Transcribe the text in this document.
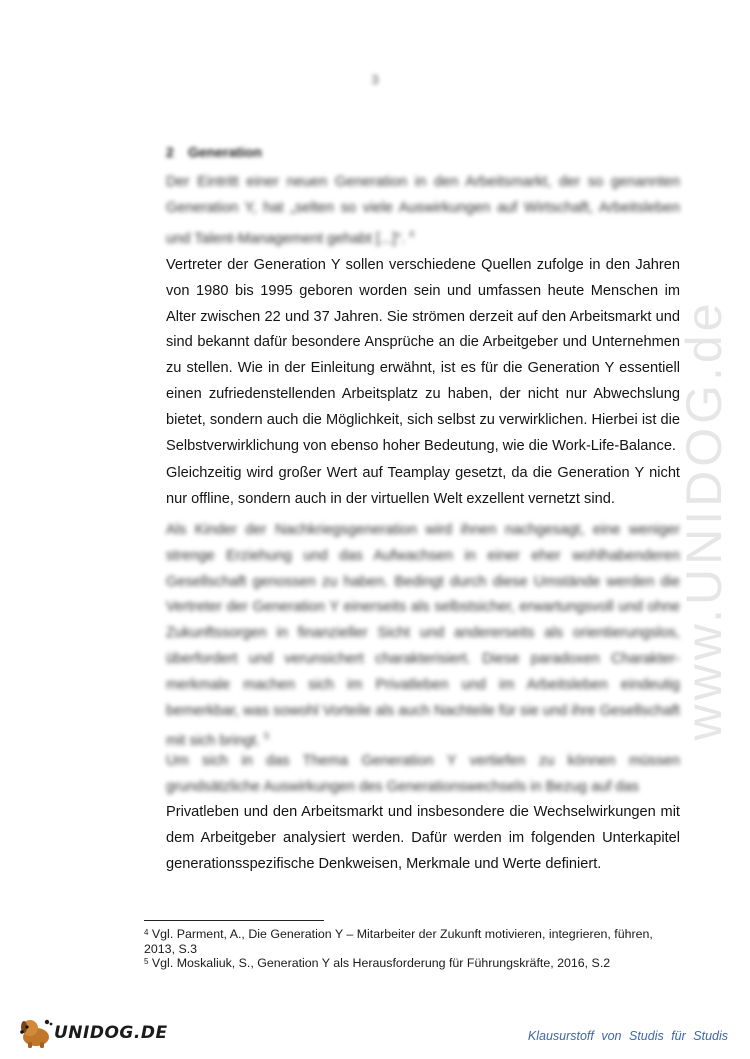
www.UNIDOG.de
3
2 Generation

Der Eintritt einer neuen Generation in den Arbeitsmarkt, der so genannten Generation Y, hat „selten so viele Auswirkungen auf Wirtschaft, Arbeitsleben und Talent-Management gehabt [...]“. $^4$

Vertreter der Generation Y sollen verschiedene Quellen zufolge in den Jahren
von 1980 bis 1995 geboren worden sein und umfassen heute Menschen im
Alter zwischen 22 und 37 Jahren. Sie strömen derzeit auf den Arbeitsmarkt und
sind bekannt dafür besondere Ansprüche an die Arbeitgeber und Unternehmen
zu stellen. Wie in der Einleitung erwähnt, ist es für die Generation Y essentiell
einen zufriedenstellenden Arbeitsplatz zu haben, der nicht nur Abwechslung
bietet, sondern auch die Möglichkeit, sich selbst zu verwirklichen. Hierbei ist die
Selbstverwirklichung von ebenso hoher Bedeutung, wie die Work-Life-Balance.
Gleichzeitig wird großer Wert auf Teamplay gesetzt, da die Generation Y nicht
nur offline, sondern auch in der virtuellen Welt exzellent vernetzt sind.

Als Kinder der Nachkriegsgeneration wird ihnen nachgesagt, eine weniger strenge Erziehung und das Aufwachsen in einer eher wohlhabenderen Gesellschaft genossen zu haben. Bedingt durch diese Umstände werden die Vertreter der Generation Y einerseits als selbstsicher, erwartungsvoll und ohne Zukunftssorgen in finanzieller Sicht und andererseits als orientierungslos, überfordert und verunsichert charakterisiert. Diese paradoxen Charakter-merkmale machen sich im Privatleben und im Arbeitsleben eindeutig bemerkbar, was sowohl Vorteile als auch Nachteile für sie und ihre Gesellschaft mit sich bringt. $^5$

Um sich in das Thema Generation Y vertiefen zu können müssen grundsätzliche Auswirkungen des Generationswechsels in Bezug auf das

Privatleben und den Arbeitsmarkt und insbesondere die Wechselwirkungen mit
dem Arbeitgeber analysiert werden. Dafür werden im folgenden Unterkapitel
generationsspezifische Denkweisen, Merkmale und Werte definiert.
$^4$ Vgl. Parment, A., Die Generation Y – Mitarbeiter der Zukunft motivieren, integrieren, führen, 2013, S.3
$^5$ Vgl. Moskaliuk, S., Generation Y als Herausforderung für Führungskräfte, 2016, S.2
UNIDOG.DE	Klausurstoff von Studis für Studis
